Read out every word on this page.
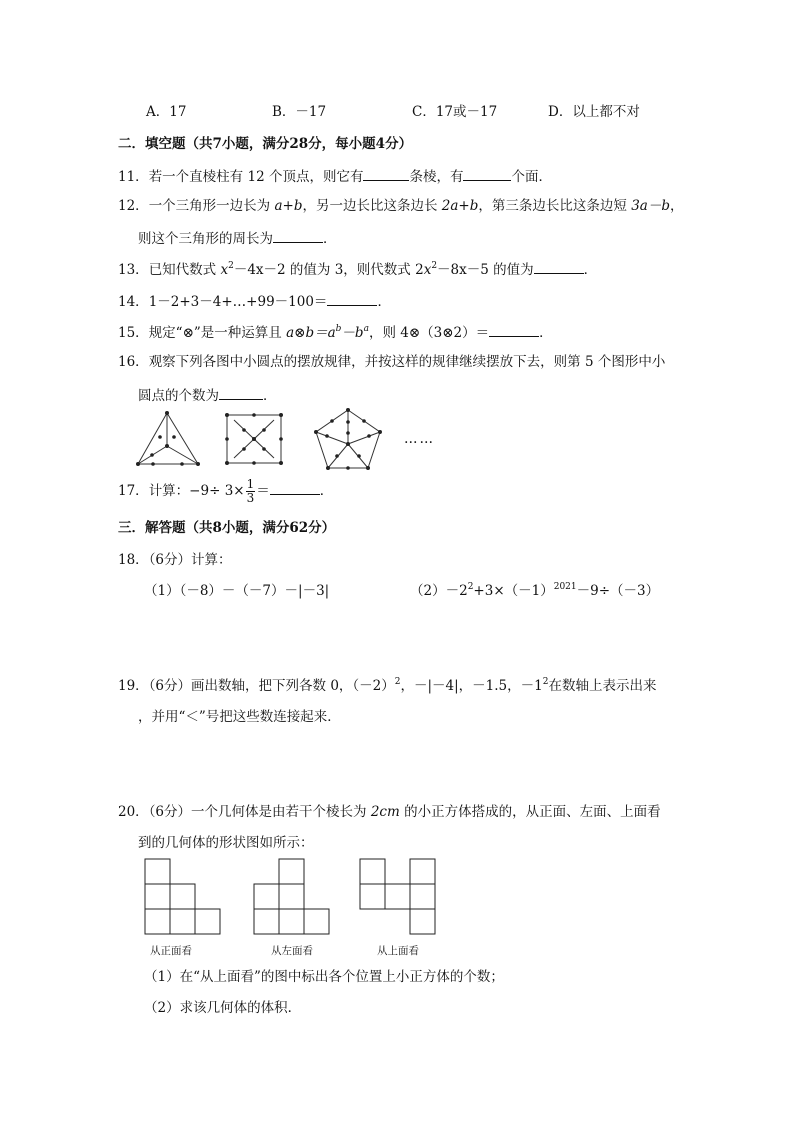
A．17	B．－17	C．17或－17	D．以上都不对
二．填空题（共7小题，满分28分，每小题4分）
11．若一个直棱柱有 12 个顶点，则它有	条棱，有	个面．
12．一个三角形一边长为 a+b，另一边长比这条边长 2a+b，第三条边长比这条边短 3a－b，
则这个三角形的周长为	．
13．已知代数式 $x^2-4x-2$ 的值为 3，则代数式 $2x^2-8x-5$ 的值为	．
14．1－2+3－4+…+99－100＝	．
15．规定“⊗”是一种运算且 $a\otimes b=a^b-b^a$，则 4⊗（3⊗2）＝	．
16．观察下列各图中小圆点的摆放规律，并按这样的规律继续摆放下去，则第 5 个图形中小
圆点的个数为	．
……
17．计算：$-9\div 3\times \frac{1}{3}$ ＝	．
三．解答题（共8小题，满分62分）
18．（6分）计算：
（1）（－8）－（－7）－|－3|	$(2)-2^2+3\times(-1)^{2021}-9\div(-3)$
19．（6分）画出数轴，把下列各数 0，$(-2)^2$，－|－4|，－1.5，$-1^2$在数轴上表示出来
，并用“＜”号把这些数连接起来．
20．（6分）一个几何体是由若干个棱长为 2cm 的小正方体搭成的，从正面、左面、上面看
到的几何体的形状图如所示：
从正面看	从左面看	从上面看
（1）在“从上面看”的图中标出各个位置上小正方体的个数；
（2）求该几何体的体积．
